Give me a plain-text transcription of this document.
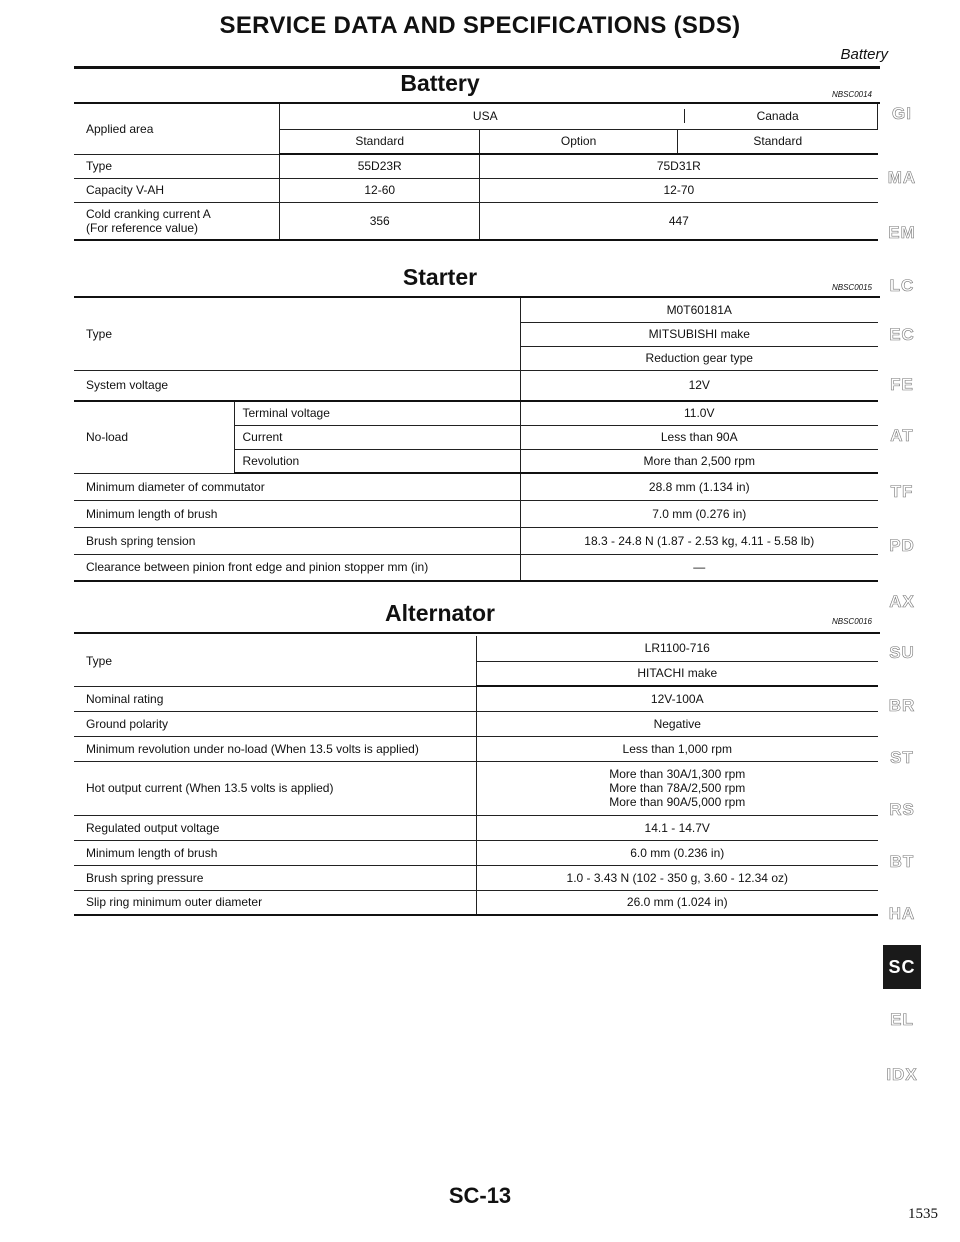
SERVICE DATA AND SPECIFICATIONS (SDS)
Battery
Battery	NBSC0014
Applied area	USA Canada		

	Standard	Option	Standard
Type	55D23R	75D31R	
Capacity V-AH	12-60	12-70	
Cold cranking current A
(For reference value)	356	447	
Starter	NBSC0015
Type		M0T60181A
		MITSUBISHI make
		Reduction gear type
System voltage		12V
No-load	Terminal voltage	11.0V
	Current	Less than 90A
	Revolution	More than 2,500 rpm
Minimum diameter of commutator		28.8 mm (1.134 in)
Minimum length of brush		7.0 mm (0.276 in)
Brush spring tension		18.3 - 24.8 N (1.87 - 2.53 kg, 4.11 - 5.58 lb)
Clearance between pinion front edge and pinion stopper mm (in)		—
Alternator	NBSC0016
Type	LR1100-716
	HITACHI make
Nominal rating	12V-100A
Ground polarity	Negative
Minimum revolution under no-load (When 13.5 volts is applied)	Less than 1,000 rpm
Hot output current (When 13.5 volts is applied)	More than 30A/1,300 rpm
More than 78A/2,500 rpm
More than 90A/5,000 rpm

Regulated output voltage	14.1 - 14.7V
Minimum length of brush	6.0 mm (0.236 in)
Brush spring pressure	1.0 - 3.43 N (102 - 350 g, 3.60 - 12.34 oz)
Slip ring minimum outer diameter	26.0 mm (1.024 in)
GI
MA
EM
LC
EC
FE
AT
TF
PD
AX
SU
BR
ST
RS
BT
HA
SC
EL
IDX
SC-13
1535
